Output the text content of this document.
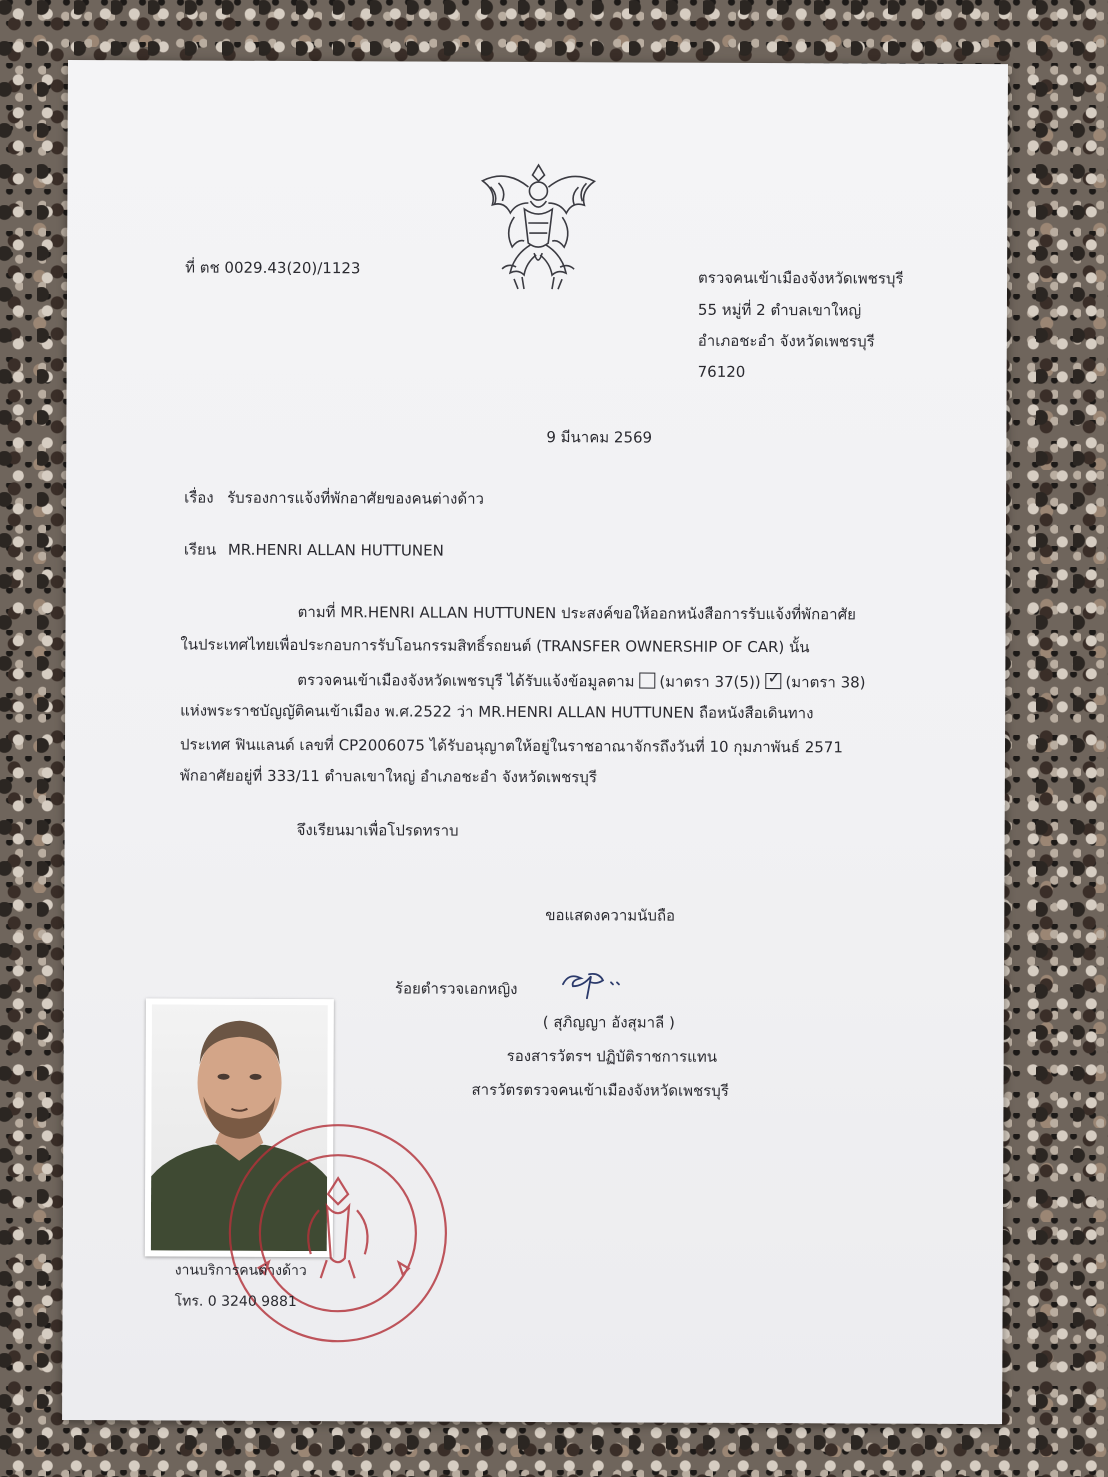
ที่ ตช 0029.43(20)/1123
ตรวจคนเข้าเมืองจังหวัดเพชรบุรี
55 หมู่ที่ 2 ตำบลเขาใหญ่
อำเภอชะอำ จังหวัดเพชรบุรี
76120
9 มีนาคม 2569
เรื่อง รับรองการแจ้งที่พักอาศัยของคนต่างด้าว
เรียน MR.HENRI ALLAN HUTTUNEN
ตามที่ MR.HENRI ALLAN HUTTUNEN ประสงค์ขอให้ออกหนังสือการรับแจ้งที่พักอาศัย
ในประเทศไทยเพื่อประกอบการรับโอนกรรมสิทธิ์รถยนต์ (TRANSFER OWNERSHIP OF CAR) นั้น
ตรวจคนเข้าเมืองจังหวัดเพชรบุรี ได้รับแจ้งข้อมูลตาม (มาตรา 37(5)) ✓ (มาตรา 38)
แห่งพระราชบัญญัติคนเข้าเมือง พ.ศ.2522 ว่า MR.HENRI ALLAN HUTTUNEN ถือหนังสือเดินทาง
ประเทศ ฟินแลนด์ เลขที่ CP2006075 ได้รับอนุญาตให้อยู่ในราชอาณาจักรถึงวันที่ 10 กุมภาพันธ์ 2571
พักอาศัยอยู่ที่ 333/11 ตำบลเขาใหญ่ อำเภอชะอำ จังหวัดเพชรบุรี
จึงเรียนมาเพื่อโปรดทราบ
ขอแสดงความนับถือ
ร้อยตำรวจเอกหญิง
( สุภิญญา อังสุมาลี )
รองสารวัตรฯ ปฏิบัติราชการแทน
สารวัตรตรวจคนเข้าเมืองจังหวัดเพชรบุรี
งานบริการคนต่างด้าว
โทร. 0 3240 9881
